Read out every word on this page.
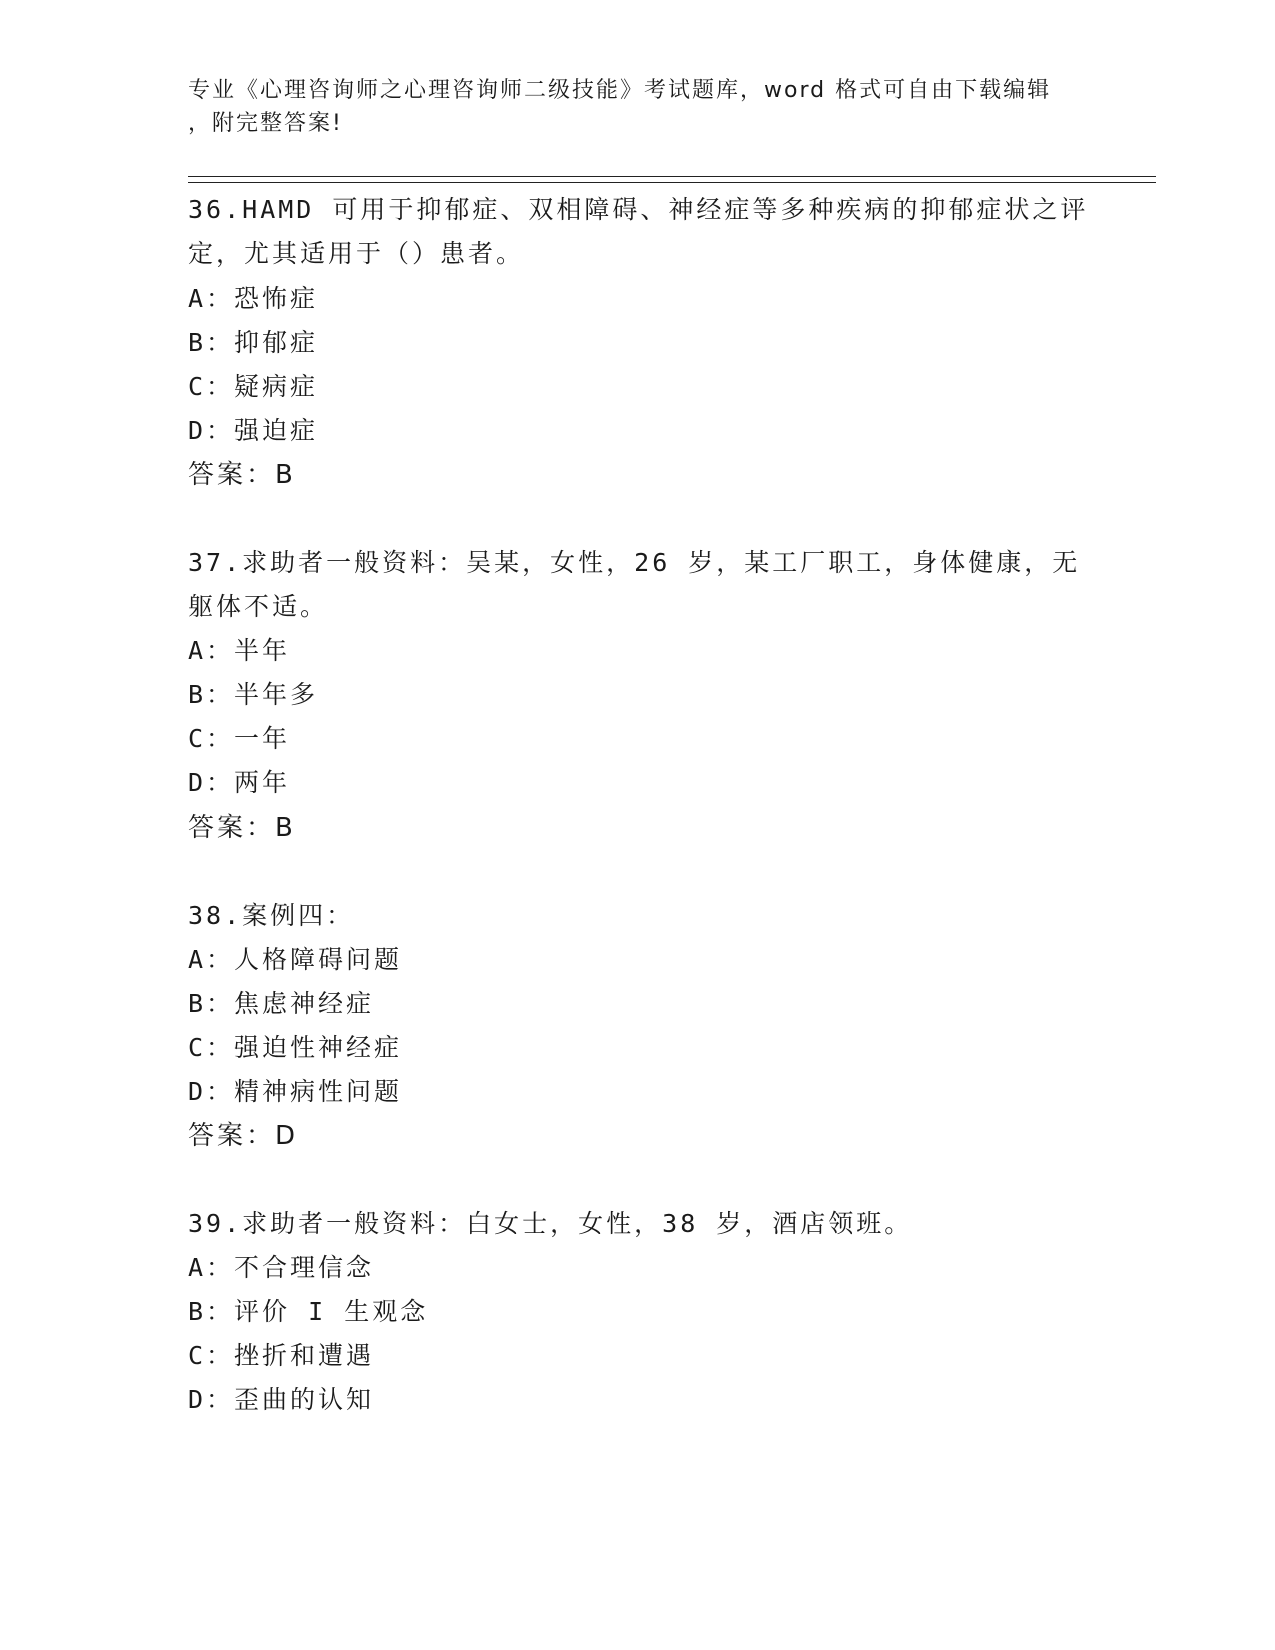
专业《心理咨询师之心理咨询师二级技能》考试题库，word 格式可自由下载编辑
，附完整答案!
36.HAMD 可用于抑郁症、双相障碍、神经症等多种疾病的抑郁症状之评
定，尤其适用于（）患者。
A：恐怖症
B：抑郁症
C：疑病症
D：强迫症
答案：B
37.求助者一般资料：吴某，女性，26 岁，某工厂职工，身体健康，无
躯体不适。
A：半年
B：半年多
C：一年
D：两年
答案：B
38.案例四：
A：人格障碍问题
B：焦虑神经症
C：强迫性神经症
D：精神病性问题
答案：D
39.求助者一般资料：白女士，女性，38 岁，酒店领班。
A：不合理信念
B：评价 I 生观念
C：挫折和遭遇
D：歪曲的认知
